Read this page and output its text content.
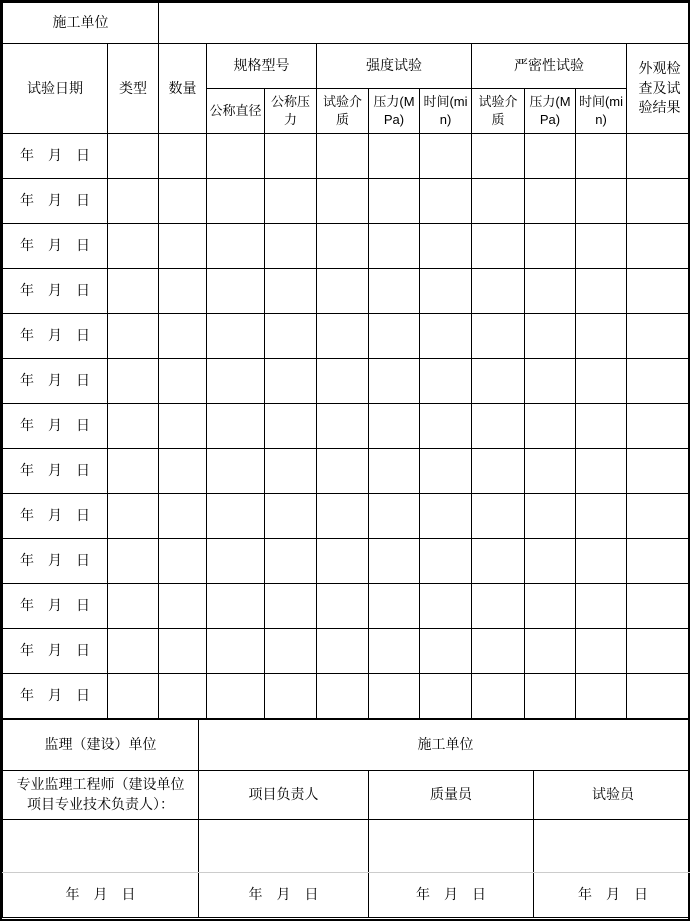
施工单位											
试验日期	类型	数量	规格型号		强度试验			严密性试验			外观检查及试验结果
			公称直径	公称压力	试验介质	压力(MPa)	时间(min)	试验介质	压力(MPa)	时间(min)	
年　月　日											
年　月　日											
年　月　日											
年　月　日											
年　月　日											
年　月　日											
年　月　日											
年　月　日											
年　月　日											
年　月　日											
年　月　日											
年　月　日											
年　月　日											
监理（建设）单位	施工单位		
专业监理工程师（建设单位项目专业技术负责人）：	项目负责人	质量员	试验员

年　月　日	年　月　日	年　月　日	年　月　日
